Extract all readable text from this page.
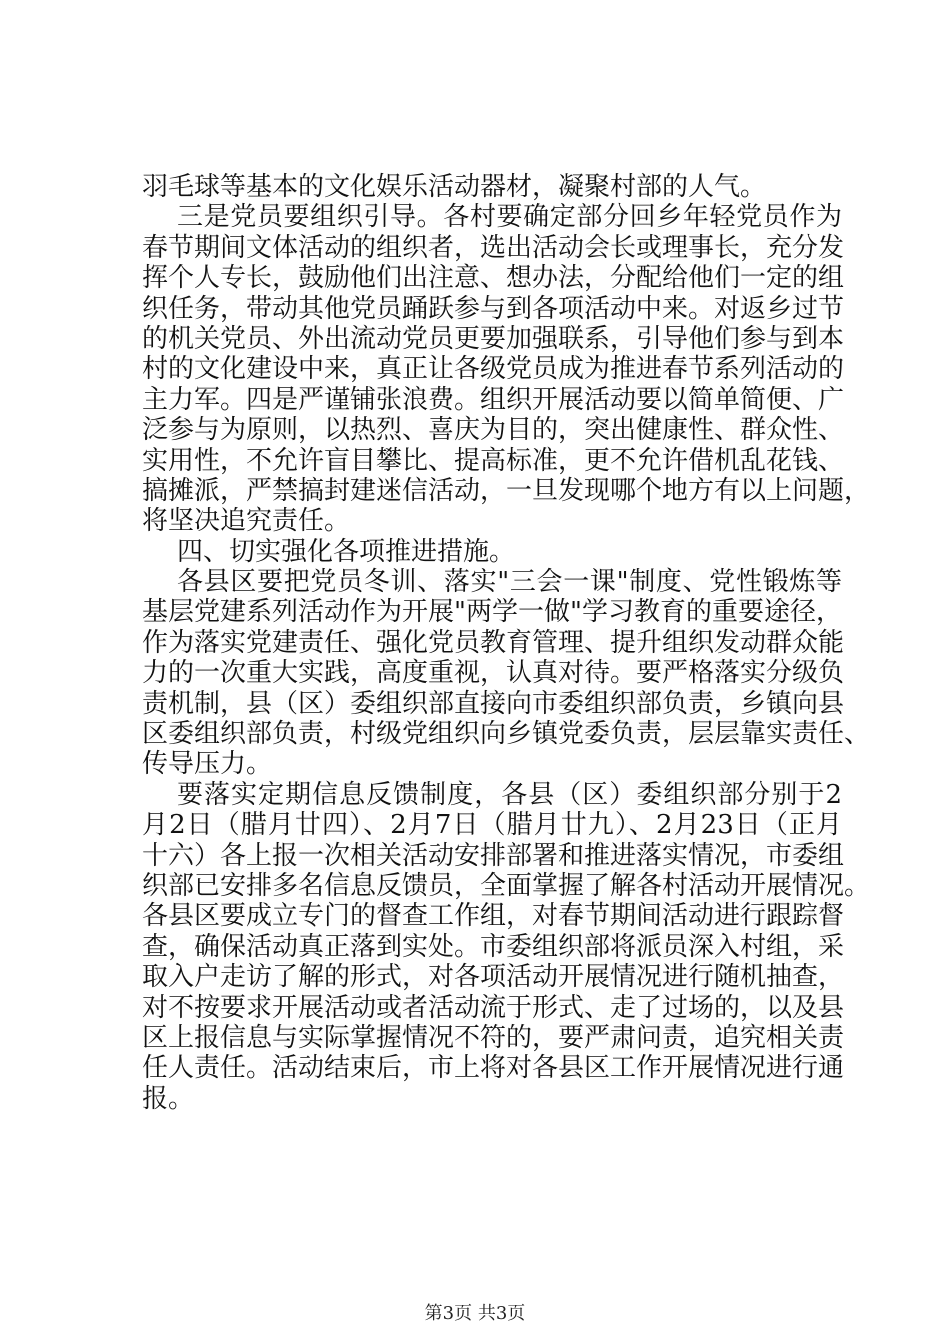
羽毛球等基本的文化娱乐活动器材，凝聚村部的人气。
三是党员要组织引导。各村要确定部分回乡年轻党员作为
春节期间文体活动的组织者，选出活动会长或理事长，充分发
挥个人专长，鼓励他们出注意、想办法，分配给他们一定的组
织任务，带动其他党员踊跃参与到各项活动中来。对返乡过节
的机关党员、外出流动党员更要加强联系，引导他们参与到本
村的文化建设中来，真正让各级党员成为推进春节系列活动的
主力军。四是严谨铺张浪费。组织开展活动要以简单简便、广
泛参与为原则，以热烈、喜庆为目的，突出健康性、群众性、
实用性，不允许盲目攀比、提高标准，更不允许借机乱花钱、
搞摊派，严禁搞封建迷信活动，一旦发现哪个地方有以上问题，
将坚决追究责任。
四、切实强化各项推进措施。
各县区要把党员冬训、落实"三会一课"制度、党性锻炼等
基层党建系列活动作为开展"两学一做"学习教育的重要途径，
作为落实党建责任、强化党员教育管理、提升组织发动群众能
力的一次重大实践，高度重视，认真对待。要严格落实分级负
责机制，县（区）委组织部直接向市委组织部负责，乡镇向县
区委组织部负责，村级党组织向乡镇党委负责，层层靠实责任、
传导压力。
要落实定期信息反馈制度，各县（区）委组织部分别于2
月2日（腊月廿四）、2月7日（腊月廿九）、2月23日（正月
十六）各上报一次相关活动安排部署和推进落实情况，市委组
织部已安排多名信息反馈员，全面掌握了解各村活动开展情况。
各县区要成立专门的督查工作组，对春节期间活动进行跟踪督
查，确保活动真正落到实处。市委组织部将派员深入村组，采
取入户走访了解的形式，对各项活动开展情况进行随机抽查，
对不按要求开展活动或者活动流于形式、走了过场的，以及县
区上报信息与实际掌握情况不符的，要严肃问责，追究相关责
任人责任。活动结束后，市上将对各县区工作开展情况进行通
报。
第3页 共3页
